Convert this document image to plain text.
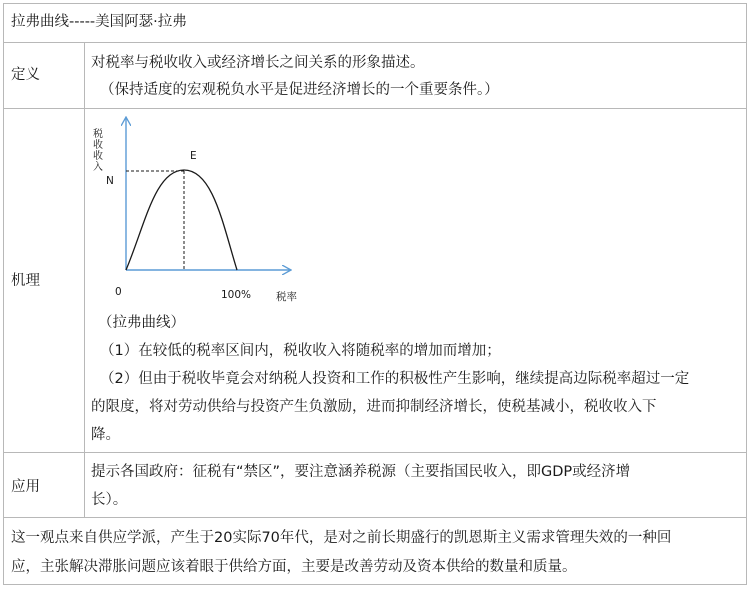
拉弗曲线-----美国阿瑟·拉弗
定义
对税率与税收收入或经济增长之间关系的形象描述。
（保持适度的宏观税负水平是促进经济增长的一个重要条件。）
机理
税收收入
E
N
0	100% 税率
（拉弗曲线）
（1）在较低的税率区间内，税收收入将随税率的增加而增加；
（2）但由于税收毕竟会对纳税人投资和工作的积极性产生影响，继续提高边际税率超过一定
的限度，将对劳动供给与投资产生负激励，进而抑制经济增长，使税基减小，税收收入下
降。
应用
提示各国政府：征税有“禁区”，要注意涵养税源（主要指国民收入，即GDP或经济增
长）。
这一观点来自供应学派，产生于20实际70年代，是对之前长期盛行的凯恩斯主义需求管理失效的一种回
应，主张解决滞胀问题应该着眼于供给方面，主要是改善劳动及资本供给的数量和质量。
